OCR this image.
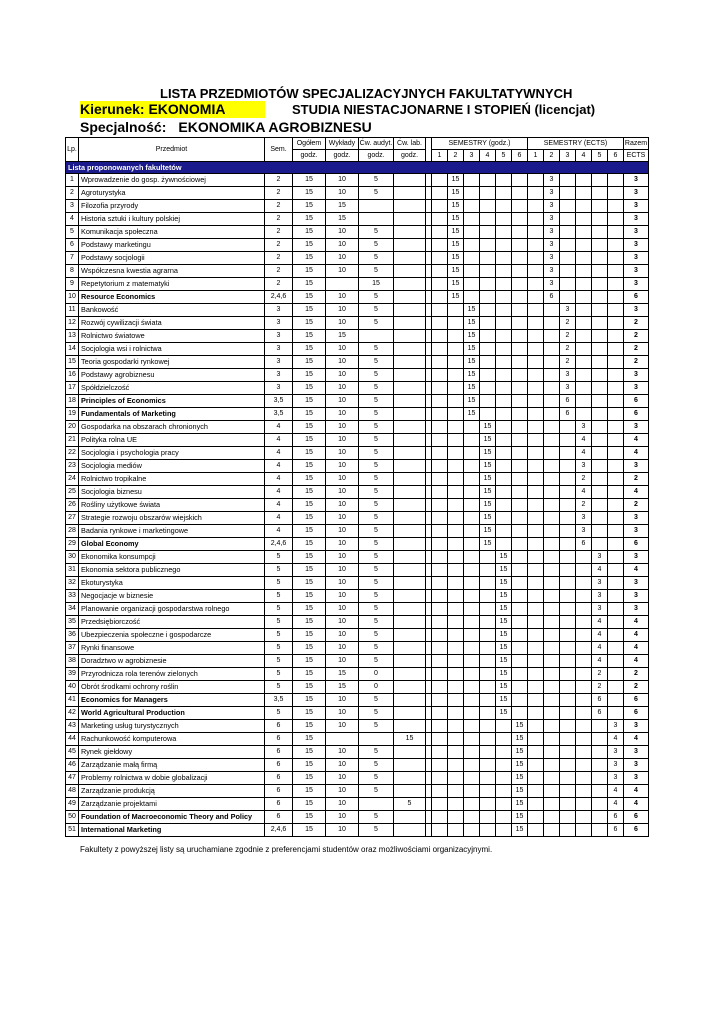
LISTA PRZEDMIOTÓW SPECJALIZACYJNYCH FAKULTATYWNYCH
Kierunek: EKONOMIA	STUDIA NIESTACJONARNE I STOPIEŃ (licencjat)
Specjalność: EKONOMIKA AGROBIZNESU
Lp.	Przedmiot	Sem.	Ogółem	Wykłady	Ćw. audyt.	Ćw. lab.		SEMESTRY (godz.)						SEMESTRY (ECTS)						Razem
			godz.	godz.	godz.	godz.		1	2	3	4	5	6	1	2	3	4	5	6	ECTS
Lista proponowanych fakultetów																				
1	Wprowadzenie do gosp. żywnościowej	2	15	10	5				15						3					3
2	Agroturystyka	2	15	10	5				15						3					3
3	Filozofia przyrody	2	15	15					15						3					3
4	Historia sztuki i kultury polskiej	2	15	15					15						3					3
5	Komunikacja społeczna	2	15	10	5				15						3					3
6	Podstawy marketingu	2	15	10	5				15						3					3
7	Podstawy socjologii	2	15	10	5				15						3					3
8	Współczesna kwestia agrarna	2	15	10	5				15						3					3
9	Repetytorium z matematyki	2	15		15				15						3					3
10	Resource Economics	2,4,6	15	10	5				15						6					6
11	Bankowość	3	15	10	5					15						3				3
12	Rozwój cywilizacji świata	3	15	10	5					15						2				2
13	Rolnictwo światowe	3	15	15						15						2				2
14	Socjologia wsi i rolnictwa	3	15	10	5					15						2				2
15	Teoria gospodarki rynkowej	3	15	10	5					15						2				2
16	Podstawy agrobiznesu	3	15	10	5					15						3				3
17	Spółdzielczość	3	15	10	5					15						3				3
18	Principles of Economics	3,5	15	10	5					15						6				6
19	Fundamentals of Marketing	3,5	15	10	5					15						6				6
20	Gospodarka na obszarach chronionych	4	15	10	5						15						3			3
21	Polityka rolna UE	4	15	10	5						15						4			4
22	Socjologia i psychologia pracy	4	15	10	5						15						4			4
23	Socjologia mediów	4	15	10	5						15						3			3
24	Rolnictwo tropikalne	4	15	10	5						15						2			2
25	Socjologia biznesu	4	15	10	5						15						4			4
26	Rośliny użytkowe świata	4	15	10	5						15						2			2
27	Strategie rozwoju obszarów wiejskich	4	15	10	5						15						3			3
28	Badania rynkowe i marketingowe	4	15	10	5						15						3			3
29	Global Economy	2,4,6	15	10	5						15						6			6
30	Ekonomika konsumpcji	5	15	10	5							15						3		3
31	Ekonomia sektora publicznego	5	15	10	5							15						4		4
32	Ekoturystyka	5	15	10	5							15						3		3
33	Negocjacje w biznesie	5	15	10	5							15						3		3
34	Planowanie organizacji gospodarstwa rolnego	5	15	10	5							15						3		3
35	Przedsiębiorczość	5	15	10	5							15						4		4
36	Ubezpieczenia społeczne i gospodarcze	5	15	10	5							15						4		4
37	Rynki finansowe	5	15	10	5							15						4		4
38	Doradztwo w agrobiznesie	5	15	10	5							15						4		4
39	Przyrodnicza rola terenów zielonych	5	15	15	0							15						2		2
40	Obrót środkami ochrony roślin	5	15	15	0							15						2		2
41	Economics for Managers	3,5	15	10	5							15						6		6
42	World Agricultural Production	5	15	10	5							15						6		6
43	Marketing usług turystycznych	6	15	10	5								15						3	3
44	Rachunkowość komputerowa	6	15			15							15						4	4
45	Rynek giełdowy	6	15	10	5								15						3	3
46	Zarządzanie małą firmą	6	15	10	5								15						3	3
47	Problemy rolnictwa w dobie globalizacji	6	15	10	5								15						3	3
48	Zarządzanie produkcją	6	15	10	5								15						4	4
49	Zarządzanie projektami	6	15	10		5							15						4	4
50	Foundation of Macroeconomic Theory and Policy	6	15	10	5								15						6	6
51	International Marketing	2,4,6	15	10	5								15						6	6
Fakultety z powyższej listy są uruchamiane zgodnie z preferencjami studentów oraz możliwościami organizacyjnymi.
